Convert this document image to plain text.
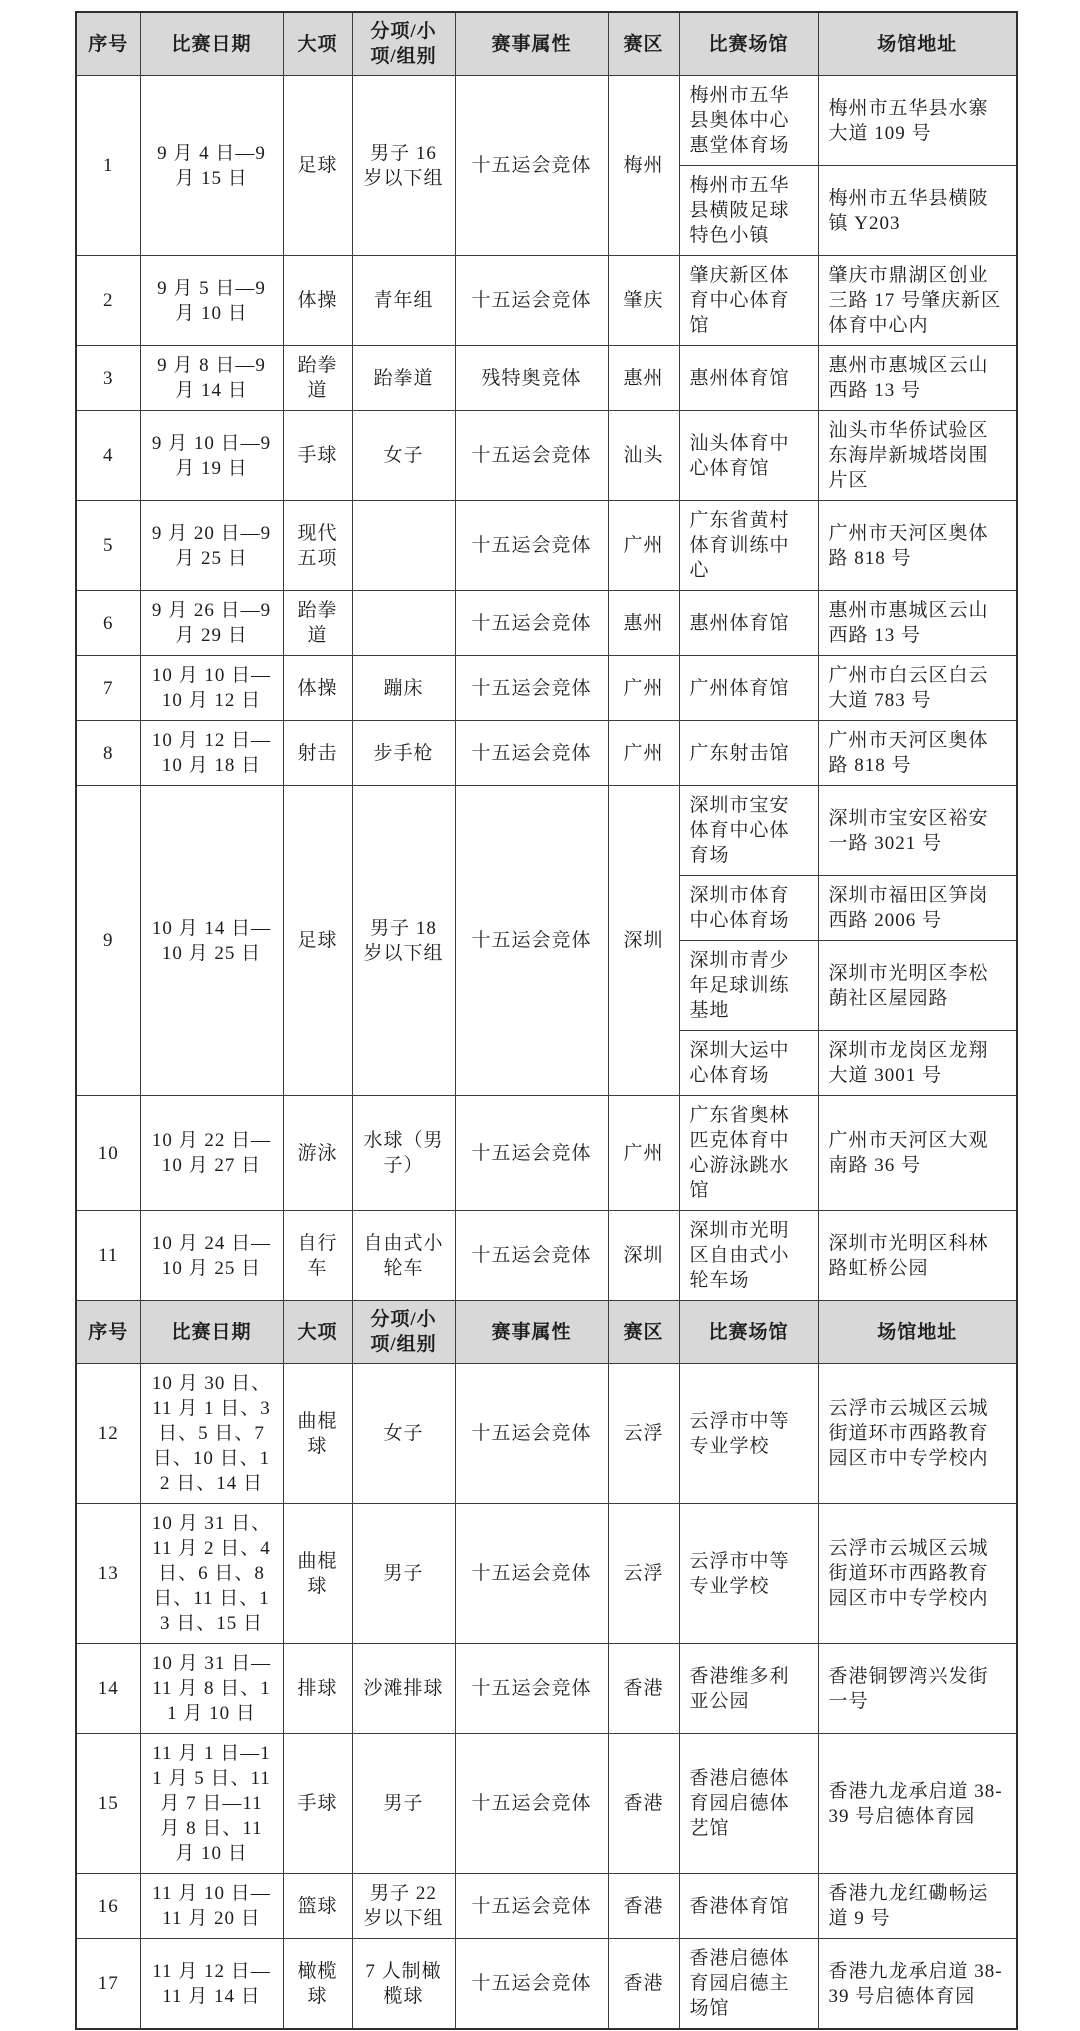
序号	比赛日期	大项	分项/小项/组别	赛事属性	赛区	比赛场馆	场馆地址
1	9 月 4 日—9 月 15 日	足球	男子 16 岁以下组	十五运会竞体	梅州	梅州市五华县奥体中心惠堂体育场	梅州市五华县水寨大道 109 号
						梅州市五华县横陂足球特色小镇	梅州市五华县横陂镇 Y203
2	9 月 5 日—9 月 10 日	体操	青年组	十五运会竞体	肇庆	肇庆新区体育中心体育馆	肇庆市鼎湖区创业三路 17 号肇庆新区体育中心内
3	9 月 8 日—9 月 14 日	跆拳道	跆拳道	残特奥竞体	惠州	惠州体育馆	惠州市惠城区云山西路 13 号
4	9 月 10 日—9 月 19 日	手球	女子	十五运会竞体	汕头	汕头体育中心体育馆	汕头市华侨试验区东海岸新城塔岗围片区
5	9 月 20 日—9 月 25 日	现代五项		十五运会竞体	广州	广东省黄村体育训练中心	广州市天河区奥体路 818 号
6	9 月 26 日—9 月 29 日	跆拳道		十五运会竞体	惠州	惠州体育馆	惠州市惠城区云山西路 13 号
7	10 月 10 日—10 月 12 日	体操	蹦床	十五运会竞体	广州	广州体育馆	广州市白云区白云大道 783 号
8	10 月 12 日—10 月 18 日	射击	步手枪	十五运会竞体	广州	广东射击馆	广州市天河区奥体路 818 号
9	10 月 14 日—10 月 25 日	足球	男子 18 岁以下组	十五运会竞体	深圳	深圳市宝安体育中心体育场	深圳市宝安区裕安一路 3021 号
						深圳市体育中心体育场	深圳市福田区笋岗西路 2006 号
						深圳市青少年足球训练基地	深圳市光明区李松蓢社区屋园路
						深圳大运中心体育场	深圳市龙岗区龙翔大道 3001 号
10	10 月 22 日—10 月 27 日	游泳	水球（男子）	十五运会竞体	广州	广东省奥林匹克体育中心游泳跳水馆	广州市天河区大观南路 36 号
11	10 月 24 日—10 月 25 日	自行车	自由式小轮车	十五运会竞体	深圳	深圳市光明区自由式小轮车场	深圳市光明区科林路虹桥公园
序号	比赛日期	大项	分项/小项/组别	赛事属性	赛区	比赛场馆	场馆地址
12	10 月 30 日、11 月 1 日、3 日、5 日、7 日、10 日、12 日、14 日	曲棍球	女子	十五运会竞体	云浮	云浮市中等专业学校	云浮市云城区云城街道环市西路教育园区市中专学校内
13	10 月 31 日、11 月 2 日、4 日、6 日、8 日、11 日、13 日、15 日	曲棍球	男子	十五运会竞体	云浮	云浮市中等专业学校	云浮市云城区云城街道环市西路教育园区市中专学校内
14	10 月 31 日—11 月 8 日、11 月 10 日	排球	沙滩排球	十五运会竞体	香港	香港维多利亚公园	香港铜锣湾兴发街一号
15	11 月 1 日—11 月 5 日、11 月 7 日—11 月 8 日、11 月 10 日	手球	男子	十五运会竞体	香港	香港启德体育园启德体艺馆	香港九龙承启道 38-39 号启德体育园
16	11 月 10 日—11 月 20 日	篮球	男子 22 岁以下组	十五运会竞体	香港	香港体育馆	香港九龙红磡畅运道 9 号
17	11 月 12 日—11 月 14 日	橄榄球	7 人制橄榄球	十五运会竞体	香港	香港启德体育园启德主场馆	香港九龙承启道 38-39 号启德体育园
